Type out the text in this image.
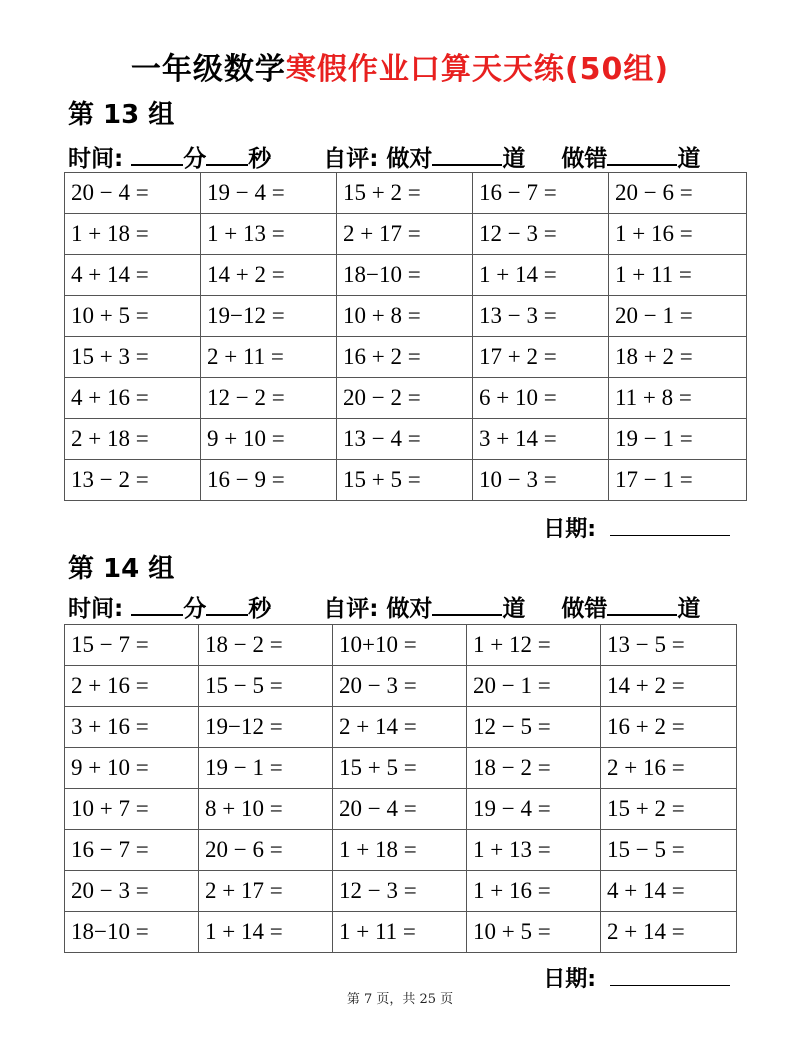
一年级数学寒假作业口算天天练(50组)
第 13 组
时间:	分 秒 自评: 做对	道 做错	道
20 − 4 =	19 − 4 =	15 + 2 =	16 − 7 =	20 − 6 =
1 + 18 =	1 + 13 =	2 + 17 =	12 − 3 =	1 + 16 =
4 + 14 =	14 + 2 =	18−10 =	1 + 14 =	1 + 11 =
10 + 5 =	19−12 =	10 + 8 =	13 − 3 =	20 − 1 =
15 + 3 =	2 + 11 =	16 + 2 =	17 + 2 =	18 + 2 =
4 + 16 =	12 − 2 =	20 − 2 =	6 + 10 =	11 + 8 =
2 + 18 =	9 + 10 =	13 − 4 =	3 + 14 =	19 − 1 =
13 − 2 =	16 − 9 =	15 + 5 =	10 − 3 =	17 − 1 =
日期:
第 14 组
时间:	分 秒 自评: 做对	道 做错	道
15 − 7 =	18 − 2 =	10+10 =	1 + 12 =	13 − 5 =
2 + 16 =	15 − 5 =	20 − 3 =	20 − 1 =	14 + 2 =
3 + 16 =	19−12 =	2 + 14 =	12 − 5 =	16 + 2 =
9 + 10 =	19 − 1 =	15 + 5 =	18 − 2 =	2 + 16 =
10 + 7 =	8 + 10 =	20 − 4 =	19 − 4 =	15 + 2 =
16 − 7 =	20 − 6 =	1 + 18 =	1 + 13 =	15 − 5 =
20 − 3 =	2 + 17 =	12 − 3 =	1 + 16 =	4 + 14 =
18−10 =	1 + 14 =	1 + 11 =	10 + 5 =	2 + 14 =
日期:
第 7 页，共 25 页
